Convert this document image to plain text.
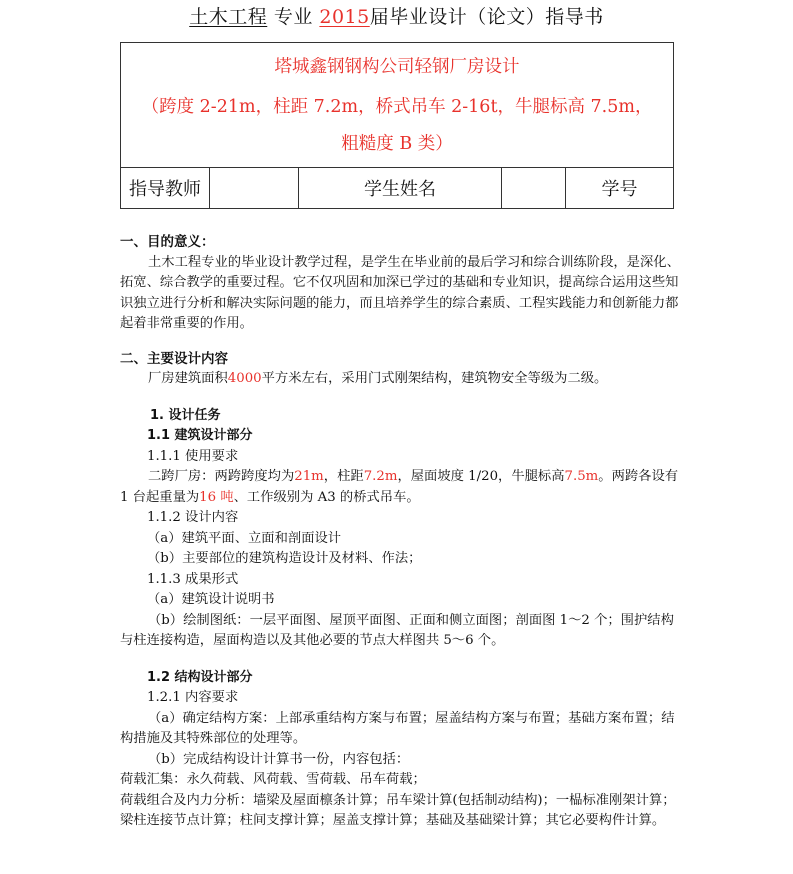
土木工程 专业 2015届毕业设计（论文）指导书
塔城鑫钢钢构公司轻钢厂房设计
（跨度 2-21m，柱距 7.2m，桥式吊车 2-16t，牛腿标高 7.5m，
粗糙度 B 类）

指导教师		学生姓名		学号

一、目的意义：

土木工程专业的毕业设计教学过程，是学生在毕业前的最后学习和综合训练阶段，是深化、拓宽、综合教学的重要过程。它不仅巩固和加深已学过的基础和专业知识，提高综合运用这些知识独立进行分析和解决实际问题的能力，而且培养学生的综合素质、工程实践能力和创新能力都起着非常重要的作用。

二、主要设计内容

厂房建筑面积4000平方米左右，采用门式刚架结构，建筑物安全等级为二级。

1. 设计任务

1.1 建筑设计部分

1.1.1 使用要求

二跨厂房：两跨跨度均为21m，柱距7.2m，屋面坡度 1/20，牛腿标高7.5m。两跨各设有 1 台起重量为16 吨、工作级别为 A3 的桥式吊车。

1.1.2 设计内容

（a）建筑平面、立面和剖面设计

（b）主要部位的建筑构造设计及材料、作法；

1.1.3 成果形式

（a）建筑设计说明书

（b）绘制图纸：一层平面图、屋顶平面图、正面和侧立面图；剖面图 1～2 个；围护结构与柱连接构造，屋面构造以及其他必要的节点大样图共 5～6 个。

1.2 结构设计部分

1.2.1 内容要求

（a）确定结构方案：上部承重结构方案与布置；屋盖结构方案与布置；基础方案布置；结构措施及其特殊部位的处理等。

（b）完成结构设计计算书一份，内容包括：

荷载汇集：永久荷载、风荷载、雪荷载、吊车荷载；

荷载组合及内力分析：墙梁及屋面檩条计算；吊车梁计算(包括制动结构)；一榀标准刚架计算；梁柱连接节点计算；柱间支撑计算；屋盖支撑计算；基础及基础梁计算；其它必要构件计算。
